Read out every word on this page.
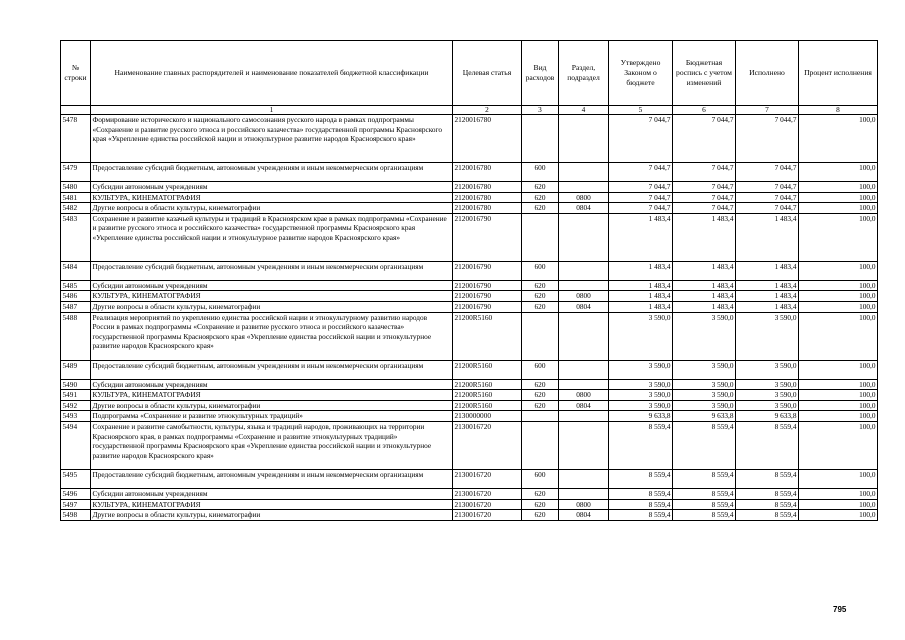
№ строки	Наименование главных распорядителей и наименование показателей бюджетной классификации	Целевая статья	Вид расходов	Раздел, подраздел	Утверждено Законом о бюджете	Бюджетная роспись с учетом изменений	Исполнено	Процент исполнения
	1	2	3	4	5	6	7	8
5478	Формирование исторического и национального самосознания русского народа в рамках подпрограммы «Сохранение и развитие русского этноса и российского казачества» государственной программы Красноярского края «Укрепление единства российской нации и этнокультурное развитие народов Красноярского края»	2120016780			7 044,7	7 044,7	7 044,7	100,0
5479	Предоставление субсидий бюджетным, автономным учреждениям и иным некоммерческим организациям	2120016780	600		7 044,7	7 044,7	7 044,7	100,0
5480	Субсидии автономным учреждениям	2120016780	620		7 044,7	7 044,7	7 044,7	100,0
5481	КУЛЬТУРА, КИНЕМАТОГРАФИЯ	2120016780	620	0800	7 044,7	7 044,7	7 044,7	100,0
5482	Другие вопросы в области культуры, кинематографии	2120016780	620	0804	7 044,7	7 044,7	7 044,7	100,0
5483	Сохранение и развитие казачьей культуры и традиций в Красноярском крае в рамках подпрограммы «Сохранение и развитие русского этноса и российского казачества» государственной программы Красноярского края «Укрепление единства российской нации и этнокультурное развитие народов Красноярского края»	2120016790			1 483,4	1 483,4	1 483,4	100,0
5484	Предоставление субсидий бюджетным, автономным учреждениям и иным некоммерческим организациям	2120016790	600		1 483,4	1 483,4	1 483,4	100,0
5485	Субсидии автономным учреждениям	2120016790	620		1 483,4	1 483,4	1 483,4	100,0
5486	КУЛЬТУРА, КИНЕМАТОГРАФИЯ	2120016790	620	0800	1 483,4	1 483,4	1 483,4	100,0
5487	Другие вопросы в области культуры, кинематографии	2120016790	620	0804	1 483,4	1 483,4	1 483,4	100,0
5488	Реализация мероприятий по укреплению единства российской нации и этнокультурному развитию народов России в рамках подпрограммы «Сохранение и развитие русского этноса и российского казачества» государственной программы Красноярского края «Укрепление единства российской нации и этнокультурное развитие народов Красноярского края»	21200R5160			3 590,0	3 590,0	3 590,0	100,0
5489	Предоставление субсидий бюджетным, автономным учреждениям и иным некоммерческим организациям	21200R5160	600		3 590,0	3 590,0	3 590,0	100,0
5490	Субсидии автономным учреждениям	21200R5160	620		3 590,0	3 590,0	3 590,0	100,0
5491	КУЛЬТУРА, КИНЕМАТОГРАФИЯ	21200R5160	620	0800	3 590,0	3 590,0	3 590,0	100,0
5492	Другие вопросы в области культуры, кинематографии	21200R5160	620	0804	3 590,0	3 590,0	3 590,0	100,0
5493	Подпрограмма «Сохранение и развитие этнокультурных традиций»	2130000000			9 633,8	9 633,8	9 633,8	100,0
5494	Сохранение и развитие самобытности, культуры, языка и традиций народов, проживающих на территории Красноярского края, в рамках подпрограммы «Сохранение и развитие этнокультурных традиций» государственной программы Красноярского края «Укрепление единства российской нации и этнокультурное развитие народов Красноярского края»	2130016720			8 559,4	8 559,4	8 559,4	100,0
5495	Предоставление субсидий бюджетным, автономным учреждениям и иным некоммерческим организациям	2130016720	600		8 559,4	8 559,4	8 559,4	100,0
5496	Субсидии автономным учреждениям	2130016720	620		8 559,4	8 559,4	8 559,4	100,0
5497	КУЛЬТУРА, КИНЕМАТОГРАФИЯ	2130016720	620	0800	8 559,4	8 559,4	8 559,4	100,0
5498	Другие вопросы в области культуры, кинематографии	2130016720	620	0804	8 559,4	8 559,4	8 559,4	100,0
795
